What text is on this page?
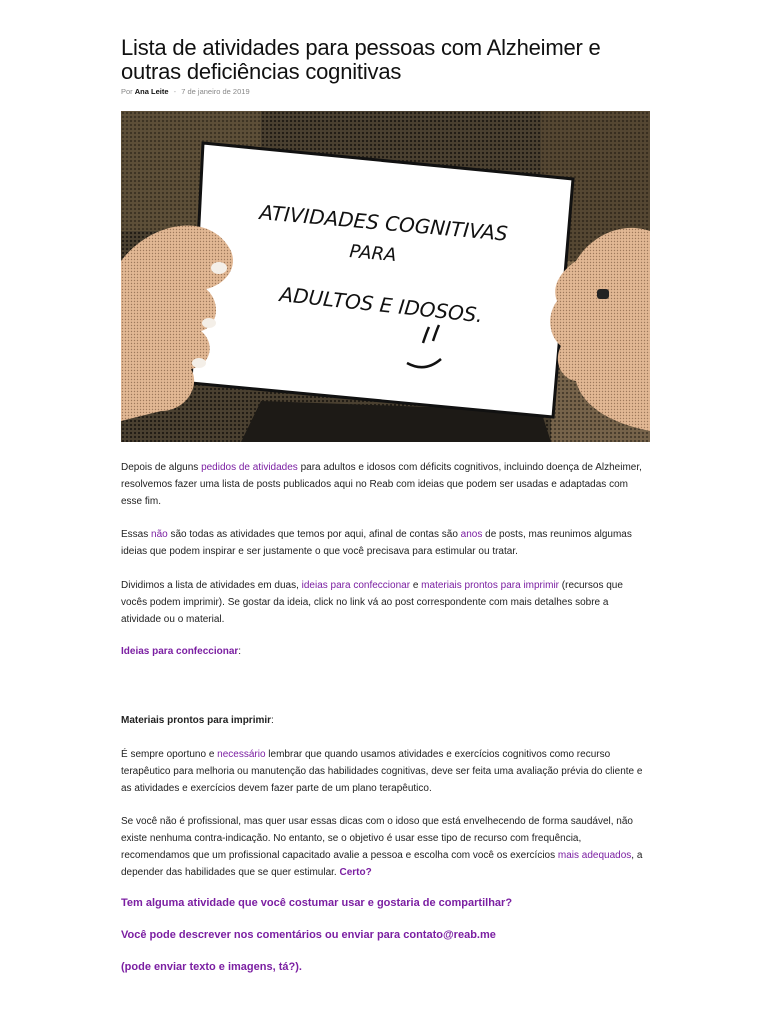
Lista de atividades para pessoas com Alzheimer e outras deficiências cognitivas
Por Ana Leite - 7 de janeiro de 2019
ATIVIDADES COGNITIVAS
PARA
ADULTOS E IDOSOS.

Depois de alguns pedidos de atividades para adultos e idosos com déficits cognitivos, incluindo doença de Alzheimer, resolvemos fazer uma lista de posts publicados aqui no Reab com ideias que podem ser usadas e adaptadas com esse fim.

Essas não são todas as atividades que temos por aqui, afinal de contas são anos de posts, mas reunimos algumas ideias que podem inspirar e ser justamente o que você precisava para estimular ou tratar.

Dividimos a lista de atividades em duas, ideias para confeccionar e materiais prontos para imprimir (recursos que vocês podem imprimir). Se gostar da ideia, click no link vá ao post correspondente com mais detalhes sobre a atividade ou o material.

Ideias para confeccionar:

Materiais prontos para imprimir:

É sempre oportuno e necessário lembrar que quando usamos atividades e exercícios cognitivos como recurso terapêutico para melhoria ou manutenção das habilidades cognitivas, deve ser feita uma avaliação prévia do cliente e as atividades e exercícios devem fazer parte de um plano terapêutico.

Se você não é profissional, mas quer usar essas dicas com o idoso que está envelhecendo de forma saudável, não existe nenhuma contra-indicação. No entanto, se o objetivo é usar esse tipo de recurso com frequência, recomendamos que um profissional capacitado avalie a pessoa e escolha com você os exercícios mais adequados, a depender das habilidades que se quer estimular. Certo?

Tem alguma atividade que você costumar usar e gostaria de compartilhar?

Você pode descrever nos comentários ou enviar para contato@reab.me

(pode enviar texto e imagens, tá?).
